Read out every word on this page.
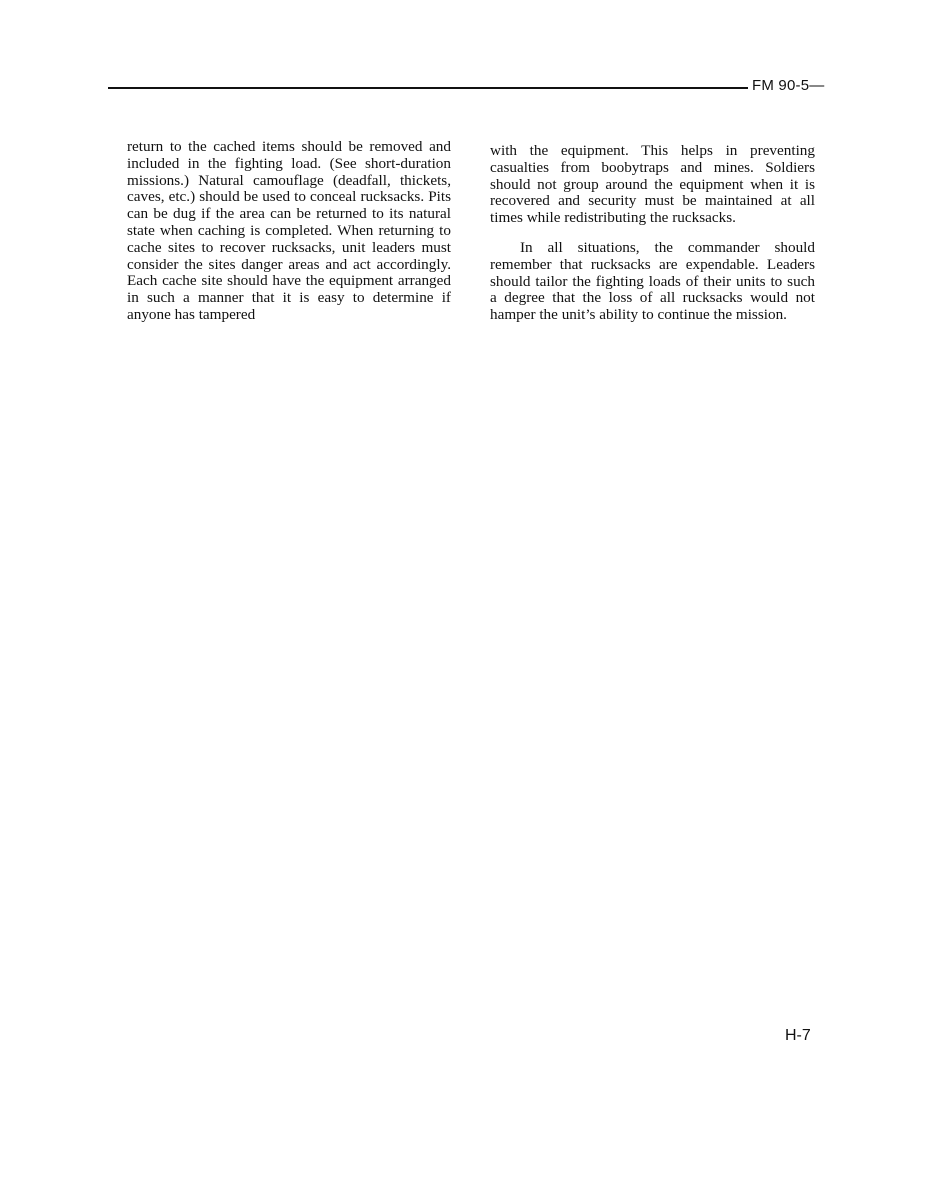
FM 90-5—

return to the cached items should be removed and included in the fighting load. (See short-duration missions.) Natural camouflage (deadfall, thickets, caves, etc.) should be used to conceal rucksacks. Pits can be dug if the area can be returned to its natural state when caching is completed. When returning to cache sites to recover rucksacks, unit leaders must consider the sites danger areas and act accordingly. Each cache site should have the equipment arranged in such a manner that it is easy to determine if anyone has tampered

with the equipment. This helps in preventing casualties from boobytraps and mines. Soldiers should not group around the equipment when it is recovered and security must be maintained at all times while redistributing the rucksacks.

In all situations, the commander should remember that rucksacks are expendable. Leaders should tailor the fighting loads of their units to such a degree that the loss of all rucksacks would not hamper the unit’s ability to continue the mission.

H-7
